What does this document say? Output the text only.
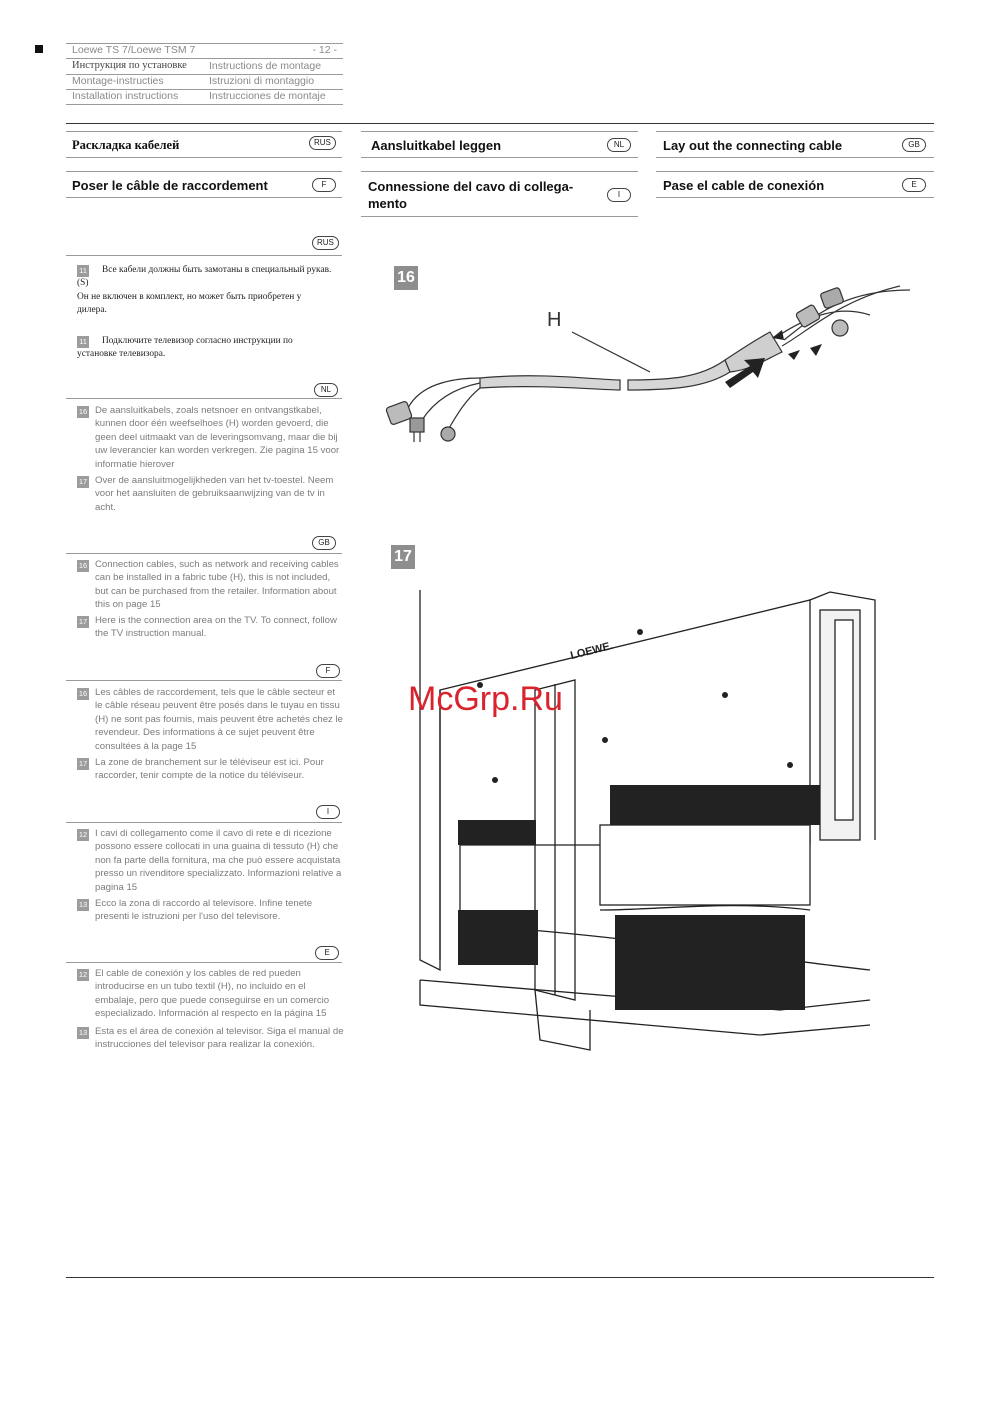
Loewe TS 7/Loewe TSM 7	- 12 -
Инструкция по установке Instructions de montage
Montage-instructies	Istruzioni di montaggio
Installation instructions	Instrucciones de montaje
Раскладка кабелей	RUS	Aansluitkabel leggen	NL	Lay out the connecting cable	GB
Poser le câble de raccordement	F	Connessione del cavo di collega-
mento
I
Pase el cable de conexión	E
RUS
11	Все кабели должны быть замотаны в специальный рукав. (S)
Он не включен в комплект, но может быть приобретен у дилера.
11	Подключите телевизор согласно инструкции по установке телевизора.
NL
16 De aansluitkabels, zoals netsnoer en ontvangstkabel, kunnen door één weefselhoes (H) worden gevoerd, die geen deel uitmaakt van de leveringsomvang, maar die bij uw leverancier kan worden verkregen. Zie pagina 15 voor informatie hierover
17 Over de aansluitmogelijkheden van het tv-toestel. Neem voor het aansluiten de gebruiksaanwijzing van de tv in acht.
GB
16 Connection cables, such as network and receiving cables can be installed in a fabric tube (H), this is not included, but can be purchased from the retailer. Information about this on page 15
17 Here is the connection area on the TV. To connect, follow the TV instruction manual.
F
16 Les câbles de raccordement, tels que le câble secteur et le câble réseau peuvent être posés dans le tuyau en tissu (H) ne sont pas fournis, mais peuvent être achetés chez le revendeur. Des informations à ce sujet peuvent être consultées à la page 15
17 La zone de branchement sur le téléviseur est ici. Pour raccorder, tenir compte de la notice du téléviseur.
I
12 I cavi di collegamento come il cavo di rete e di ricezione possono essere collocati in una guaina di tessuto (H) che non fa parte della fornitura, ma che può essere acquistata presso un rivenditore specializzato. Informazioni relative a pagina 15
13 Ecco la zona di raccordo al televisore. Infine tenete presenti le istruzioni per l'uso del televisore.
E
12 El cable de conexión y los cables de red pueden introducirse en un tubo textil (H), no incluido en el embalaje, pero que puede conseguirse en un comercio especializado. Información al respecto en la página 15
13 Esta es el área de conexión al televisor. Siga el manual de instrucciones del televisor para realizar la conexión.
16
H
17
LOEWE.
McGrp.Ru
